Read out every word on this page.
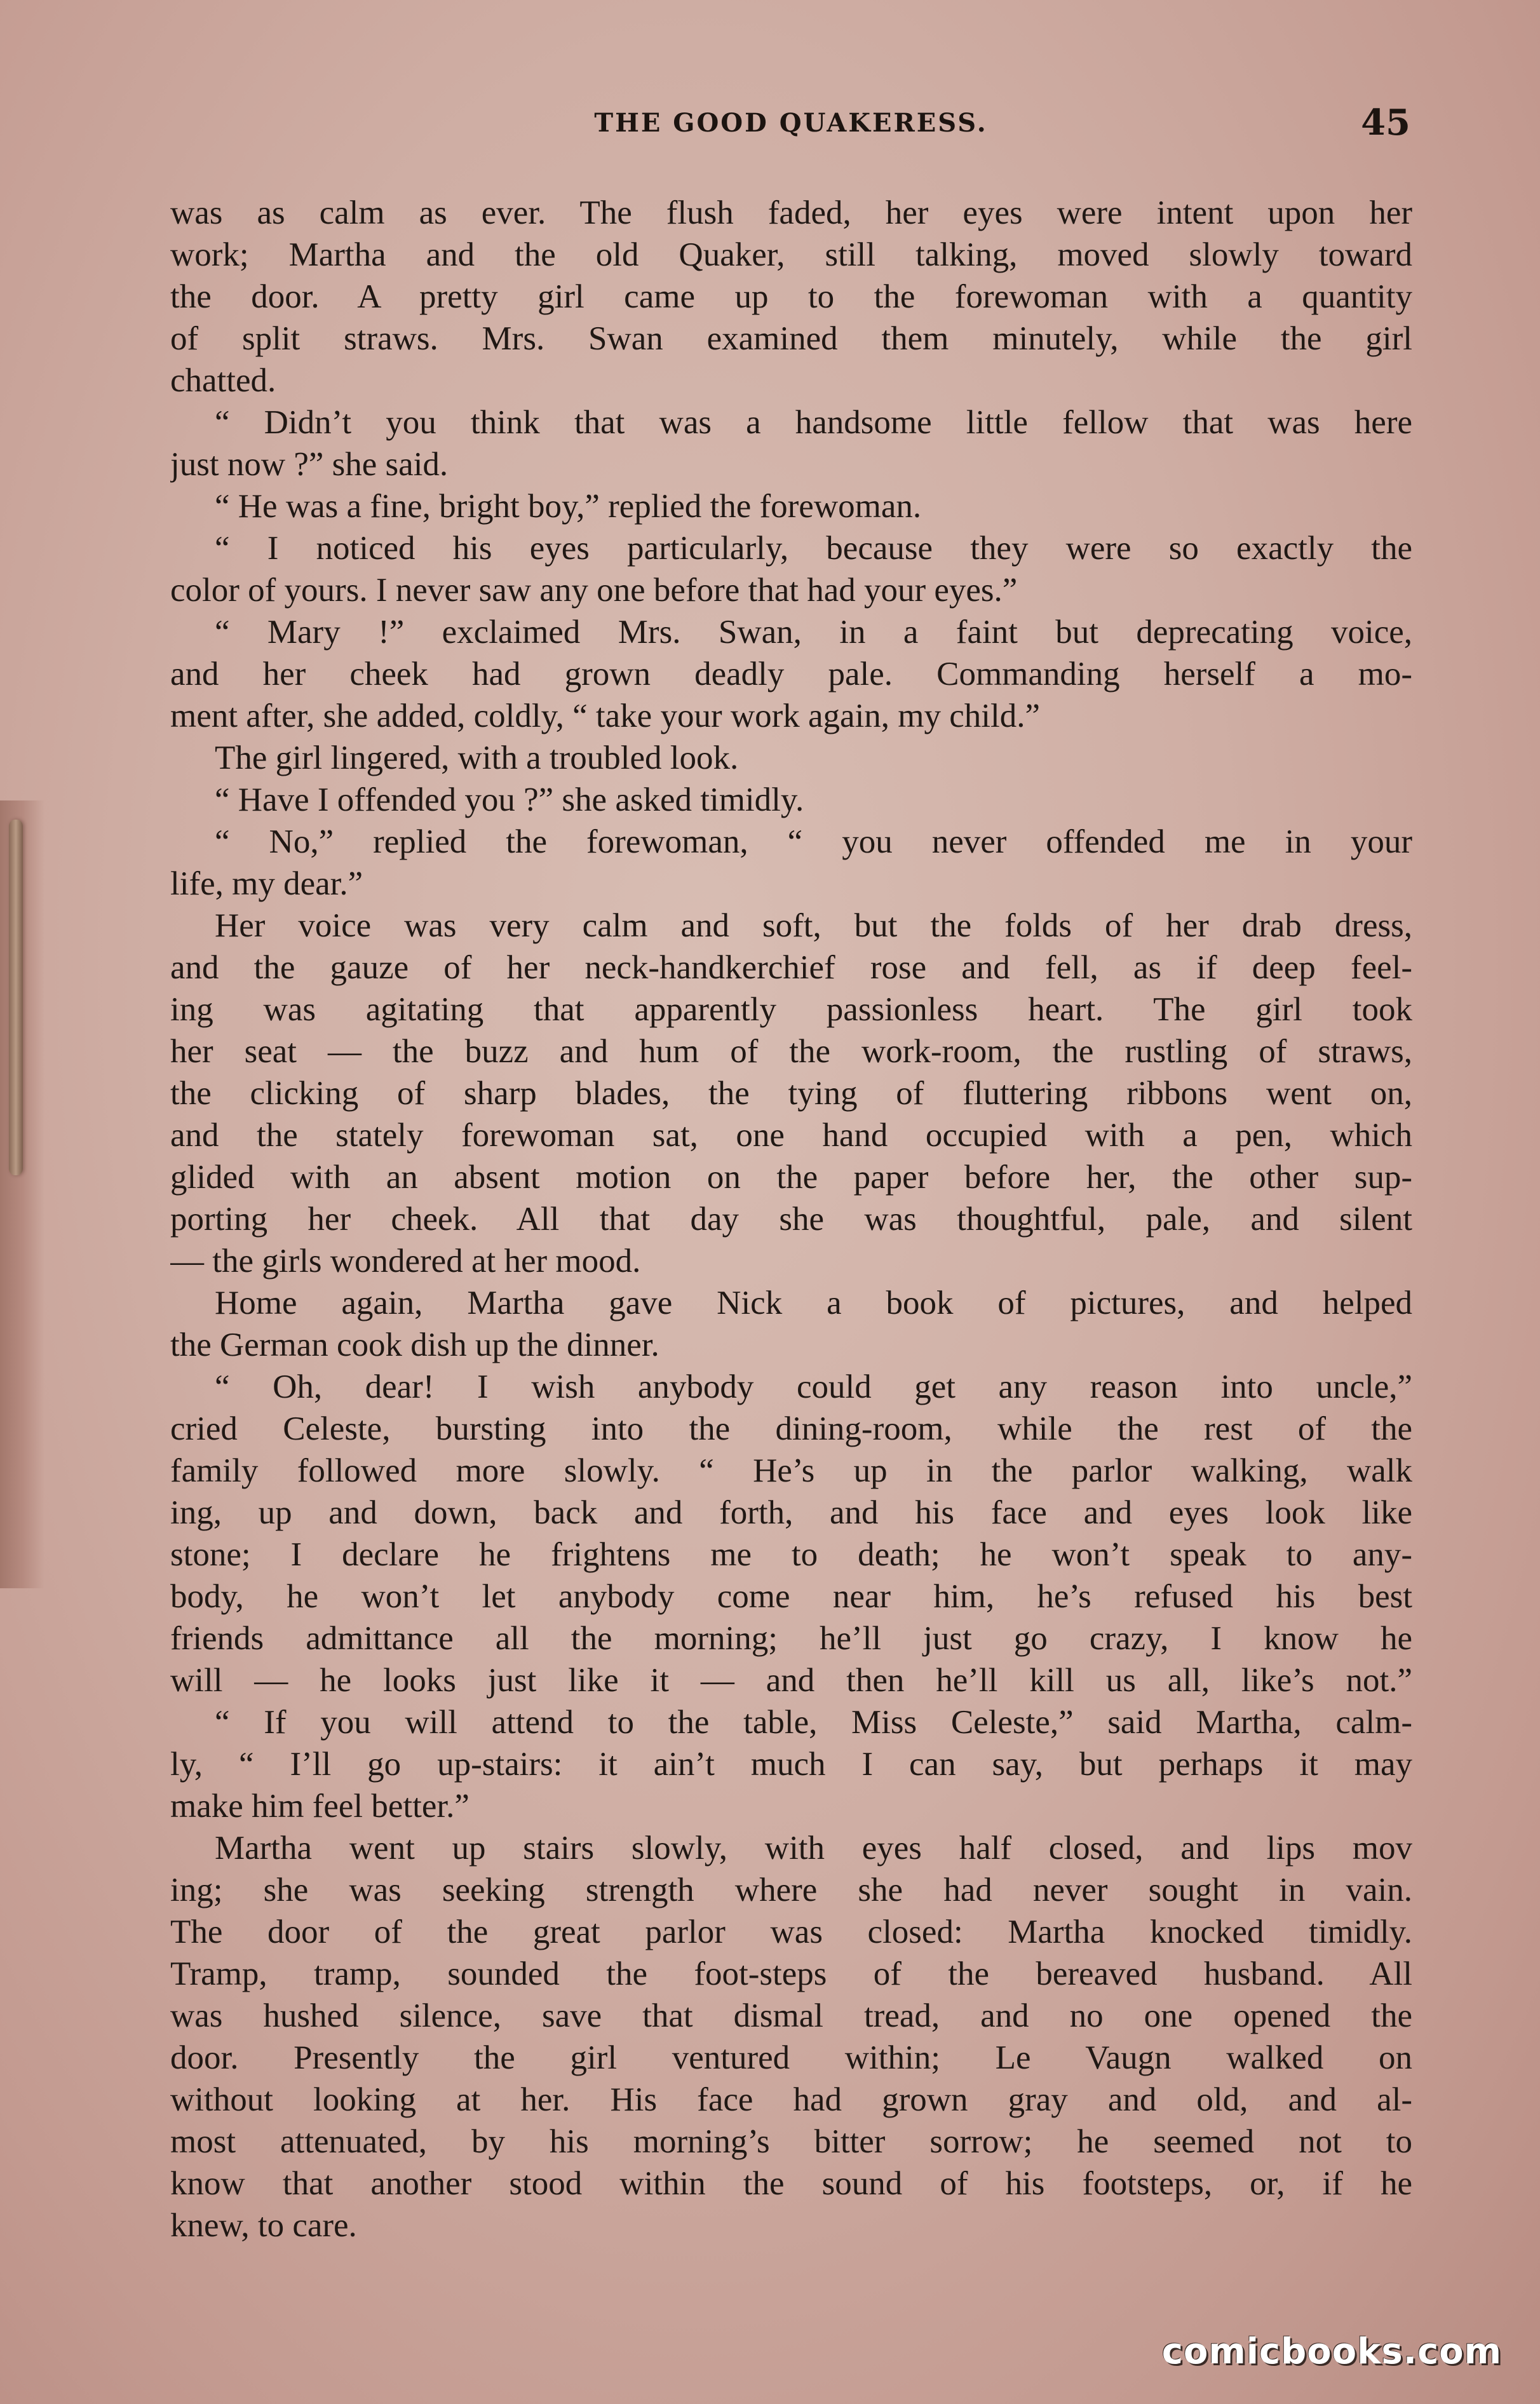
THE GOOD QUAKERESS.	45
was as calm as ever. The flush faded, her eyes were intent upon her
work; Martha and the old Quaker, still talking, moved slowly toward
the door. A pretty girl came up to the forewoman with a quantity
of split straws. Mrs. Swan examined them minutely, while the girl
chatted.
“ Didn’t you think that was a handsome little fellow that was here
just now ?” she said.
“ He was a fine, bright boy,” replied the forewoman.
“ I noticed his eyes particularly, because they were so exactly the
color of yours. I never saw any one before that had your eyes.”
“ Mary !” exclaimed Mrs. Swan, in a faint but deprecating voice,
and her cheek had grown deadly pale. Commanding herself a mo-
ment after, she added, coldly, “ take your work again, my child.”
The girl lingered, with a troubled look.
“ Have I offended you ?” she asked timidly.
“ No,” replied the forewoman, “ you never offended me in your
life, my dear.”
Her voice was very calm and soft, but the folds of her drab dress,
and the gauze of her neck-handkerchief rose and fell, as if deep feel-
ing was agitating that apparently passionless heart. The girl took
her seat — the buzz and hum of the work-room, the rustling of straws,
the clicking of sharp blades, the tying of fluttering ribbons went on,
and the stately forewoman sat, one hand occupied with a pen, which
glided with an absent motion on the paper before her, the other sup-
porting her cheek. All that day she was thoughtful, pale, and silent
— the girls wondered at her mood.
Home again, Martha gave Nick a book of pictures, and helped
the German cook dish up the dinner.
“ Oh, dear! I wish anybody could get any reason into uncle,”
cried Celeste, bursting into the dining-room, while the rest of the
family followed more slowly. “ He’s up in the parlor walking, walk
ing, up and down, back and forth, and his face and eyes look like
stone; I declare he frightens me to death; he won’t speak to any-
body, he won’t let anybody come near him, he’s refused his best
friends admittance all the morning; he’ll just go crazy, I know he
will — he looks just like it — and then he’ll kill us all, like’s not.”
“ If you will attend to the table, Miss Celeste,” said Martha, calm-
ly, “ I’ll go up-stairs: it ain’t much I can say, but perhaps it may
make him feel better.”
Martha went up stairs slowly, with eyes half closed, and lips mov
ing; she was seeking strength where she had never sought in vain.
The door of the great parlor was closed: Martha knocked timidly.
Tramp, tramp, sounded the foot-steps of the bereaved husband. All
was hushed silence, save that dismal tread, and no one opened the
door. Presently the girl ventured within; Le Vaugn walked on
without looking at her. His face had grown gray and old, and al-
most attenuated, by his morning’s bitter sorrow; he seemed not to
know that another stood within the sound of his footsteps, or, if he
knew, to care.
comicbooks.com
